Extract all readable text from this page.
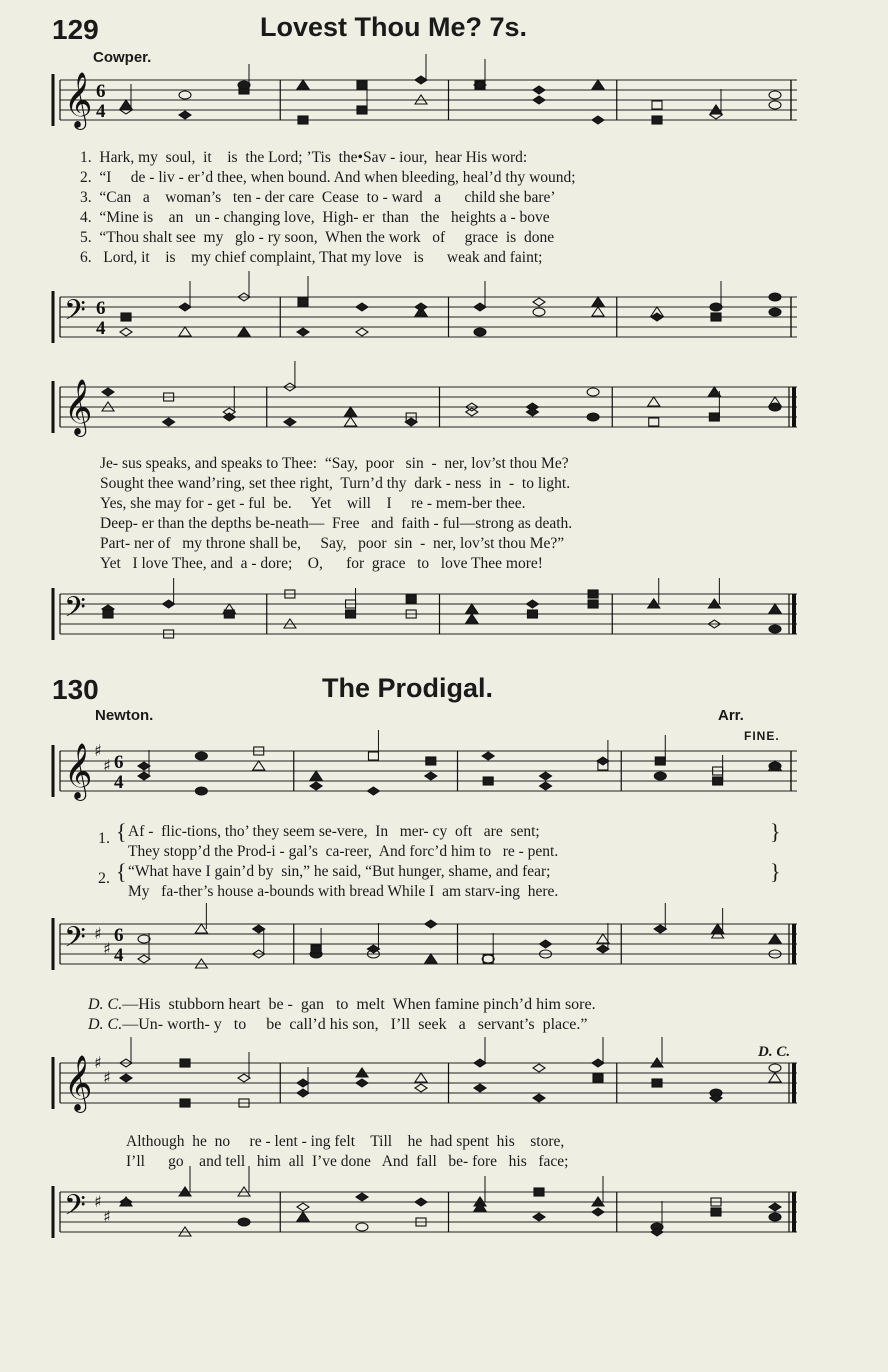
129	Lovest Thou Me? 7s.
Cowper.
𝄞 6
4
1.  Hark, my  soul,  it    is  the Lord; ’Tis  the•Sav - iour,  hear His word:
2.  “I     de - liv - er’d thee, when bound. And when bleeding, heal’d thy wound;
3.  “Can   a    woman’s   ten - der care  Cease  to - ward   a      child she bare’
4.  “Mine is    an   un - changing love,  High- er  than   the   heights a - bove
5.  “Thou shalt see  my   glo - ry soon,  When the work   of     grace  is  done
6.   Lord, it    is    my chief complaint, That my love   is      weak and faint;
𝄢 6
4
𝄞
Je- sus speaks, and speaks to Thee:  “Say,  poor   sin  -  ner, lov’st thou Me?
Sought thee wand’ring, set thee right,  Turn’d thy  dark - ness  in  -  to light.
Yes, she may for - get - ful  be.     Yet    will    I     re - mem-ber thee.
Deep- er than the depths be-neath—  Free   and  faith - ful—strong as death.
Part- ner of   my throne shall be,     Say,   poor  sin  -  ner, lov’st thou Me?”
Yet   I love Thee, and  a - dore;    O,      for  grace   to   love Thee more!
𝄢
130	The Prodigal.
Newton.	Arr.
FINE.
𝄞 ♯
♯ 6
4
1. { Af -  flic-tions, tho’ they seem se-vere,  In   mer- cy  oft   are  sent;
They stopp’d the Prod-i - gal’s  ca-reer,  And forc’d him to   re - pent.
}
2. { “What have I gain’d by  sin,” he said, “But hunger, shame, and fear;
My   fa-ther’s house a-bounds with bread While I  am starv-ing  here.
}
𝄢 ♯
♯
6
4
D. C.—His  stubborn heart  be -  gan   to  melt  When famine pinch’d him sore.
D. C.—Un- worth- y   to     be  call’d his son,   I’ll  seek   a   servant’s  place.”
D. C.
𝄞 ♯
♯
Although  he  no     re - lent - ing felt    Till    he  had spent  his    store,
I’ll      go    and tell   him  all  I’ve done   And  fall   be- fore   his   face;
𝄢 ♯
♯
